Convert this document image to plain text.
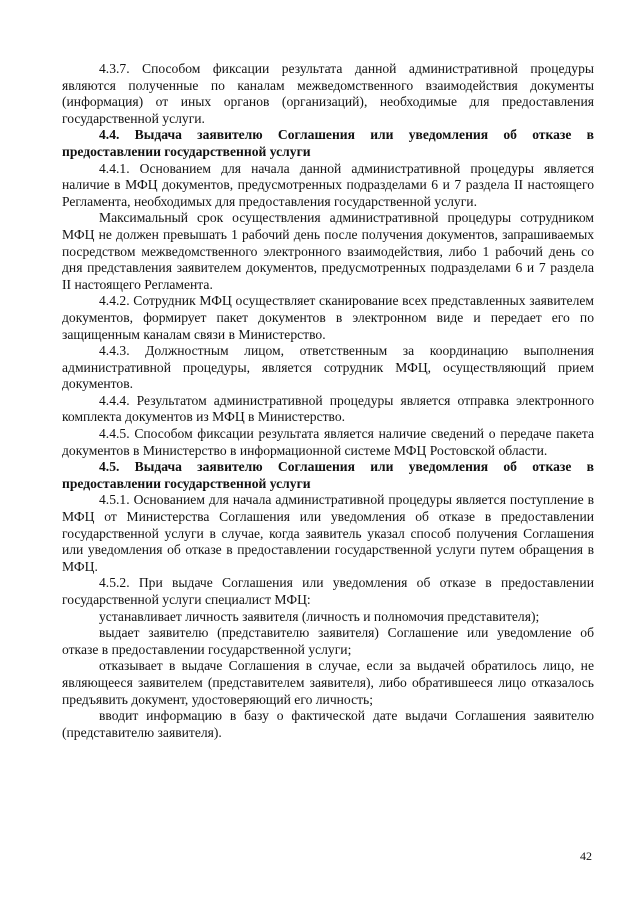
4.3.7. Способом фиксации результата данной административной процедуры являются полученные по каналам межведомственного взаимодействия документы (информация) от иных органов (организаций), необходимые для предоставления государственной услуги.

4.4. Выдача заявителю Соглашения или уведомления об отказе в предоставлении государственной услуги

4.4.1. Основанием для начала данной административной процедуры является наличие в МФЦ документов, предусмотренных подразделами 6 и 7 раздела II настоящего Регламента, необходимых для предоставления государственной услуги.

Максимальный срок осуществления административной процедуры сотрудником МФЦ не должен превышать 1 рабочий день после получения документов, запрашиваемых посредством межведомственного электронного взаимодействия, либо 1 рабочий день со дня представления заявителем документов, предусмотренных подразделами 6 и 7 раздела II настоящего Регламента.

4.4.2. Сотрудник МФЦ осуществляет сканирование всех представленных заявителем документов, формирует пакет документов в электронном виде и передает его по защищенным каналам связи в Министерство.

4.4.3. Должностным лицом, ответственным за координацию выполнения административной процедуры, является сотрудник МФЦ, осуществляющий прием документов.

4.4.4. Результатом административной процедуры является отправка электронного комплекта документов из МФЦ в Министерство.

4.4.5. Способом фиксации результата является наличие сведений о передаче пакета документов в Министерство в информационной системе МФЦ Ростовской области.

4.5. Выдача заявителю Соглашения или уведомления об отказе в предоставлении государственной услуги

4.5.1. Основанием для начала административной процедуры является поступление в МФЦ от Министерства Соглашения или уведомления об отказе в предоставлении государственной услуги в случае, когда заявитель указал способ получения Соглашения или уведомления об отказе в предоставлении государственной услуги путем обращения в МФЦ.

4.5.2. При выдаче Соглашения или уведомления об отказе в предоставлении государственной услуги специалист МФЦ:

устанавливает личность заявителя (личность и полномочия представителя);

выдает заявителю (представителю заявителя) Соглашение или уведомление об отказе в предоставлении государственной услуги;

отказывает в выдаче Соглашения в случае, если за выдачей обратилось лицо, не являющееся заявителем (представителем заявителя), либо обратившееся лицо отказалось предъявить документ, удостоверяющий его личность;

вводит информацию в базу о фактической дате выдачи Соглашения заявителю (представителю заявителя).

42
